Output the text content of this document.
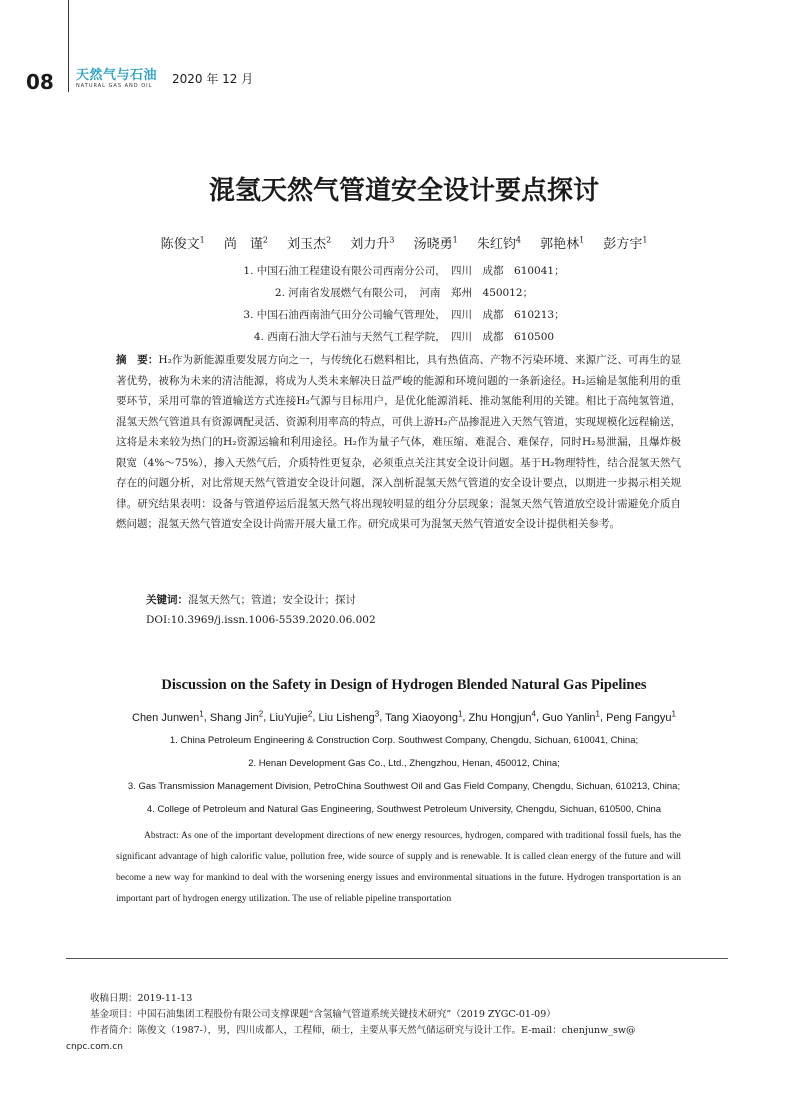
08 天然气与石油
NATURAL GAS AND OIL	2020 年 12 月
混氢天然气管道安全设计要点探讨
陈俊文$^1$　 尚　谨$^2$　 刘玉杰$^2$　 刘力升$^3$　 汤晓勇$^1$　 朱红钧$^4$　 郭艳林$^1$　 彭方宇$^1$
1. 中国石油工程建设有限公司西南分公司，　四川　成都　610041；
2. 河南省发展燃气有限公司，　河南　郑州　450012；
3. 中国石油西南油气田分公司输气管理处，　四川　成都　610213；
4. 西南石油大学石油与天然气工程学院，　四川　成都　610500
摘　要：H₂作为新能源重要发展方向之一，与传统化石燃料相比，具有热值高、产物不污染环境、来源广泛、可再生的显著优势，被称为未来的清洁能源，将成为人类未来解决日益严峻的能源和环境问题的一条新途径。H₂运输是氢能利用的重要环节，采用可靠的管道输送方式连接H₂气源与目标用户，是优化能源消耗、推动氢能利用的关键。相比于高纯氢管道，混氢天然气管道具有资源调配灵活、资源利用率高的特点，可供上游H₂产品掺混进入天然气管道，实现规模化远程输送，这将是未来较为热门的H₂资源运输和利用途径。H₂作为量子气体，难压缩、难混合、难保存，同时H₂易泄漏，且爆炸极限宽（4%～75%），掺入天然气后，介质特性更复杂，必须重点关注其安全设计问题。基于H₂物理特性，结合混氢天然气存在的问题分析，对比常规天然气管道安全设计问题，深入剖析混氢天然气管道的安全设计要点，以期进一步揭示相关规律。研究结果表明：设备与管道停运后混氢天然气将出现较明显的组分分层现象；混氢天然气管道放空设计需避免介质自燃问题；混氢天然气管道安全设计尚需开展大量工作。研究成果可为混氢天然气管道安全设计提供相关参考。
关键词：混氢天然气；管道；安全设计；探讨
DOI:10.3969/j.issn.1006-5539.2020.06.002
Discussion on the Safety in Design of Hydrogen Blended Natural Gas Pipelines
Chen Junwen$^1$, Shang Jin$^2$, LiuYujie$^2$, Liu Lisheng$^3$, Tang Xiaoyong$^1$, Zhu Hongjun$^4$, Guo Yanlin$^1$, Peng Fangyu$^1$
1. China Petroleum Engineering & Construction Corp. Southwest Company, Chengdu, Sichuan, 610041, China;
2. Henan Development Gas Co., Ltd., Zhengzhou, Henan, 450012, China;
3. Gas Transmission Management Division, PetroChina Southwest Oil and Gas Field Company, Chengdu, Sichuan, 610213, China;
4. College of Petroleum and Natural Gas Engineering, Southwest Petroleum University, Chengdu, Sichuan, 610500, China
Abstract: As one of the important development directions of new energy resources, hydrogen, compared with traditional fossil fuels, has the significant advantage of high calorific value, pollution free, wide source of supply and is renewable. It is called clean energy of the future and will become a new way for mankind to deal with the worsening energy issues and environmental situations in the future. Hydrogen transportation is an important part of hydrogen energy utilization. The use of reliable pipeline transportation
收稿日期：2019-11-13
基金项目：中国石油集团工程股份有限公司支撑课题“含氢输气管道系统关键技术研究”（2019 ZYGC-01-09）
作者简介：陈俊文（1987-），男，四川成都人，工程师，硕士，主要从事天然气储运研究与设计工作。E-mail：chenjunw_sw@
cnpc.com.cn
